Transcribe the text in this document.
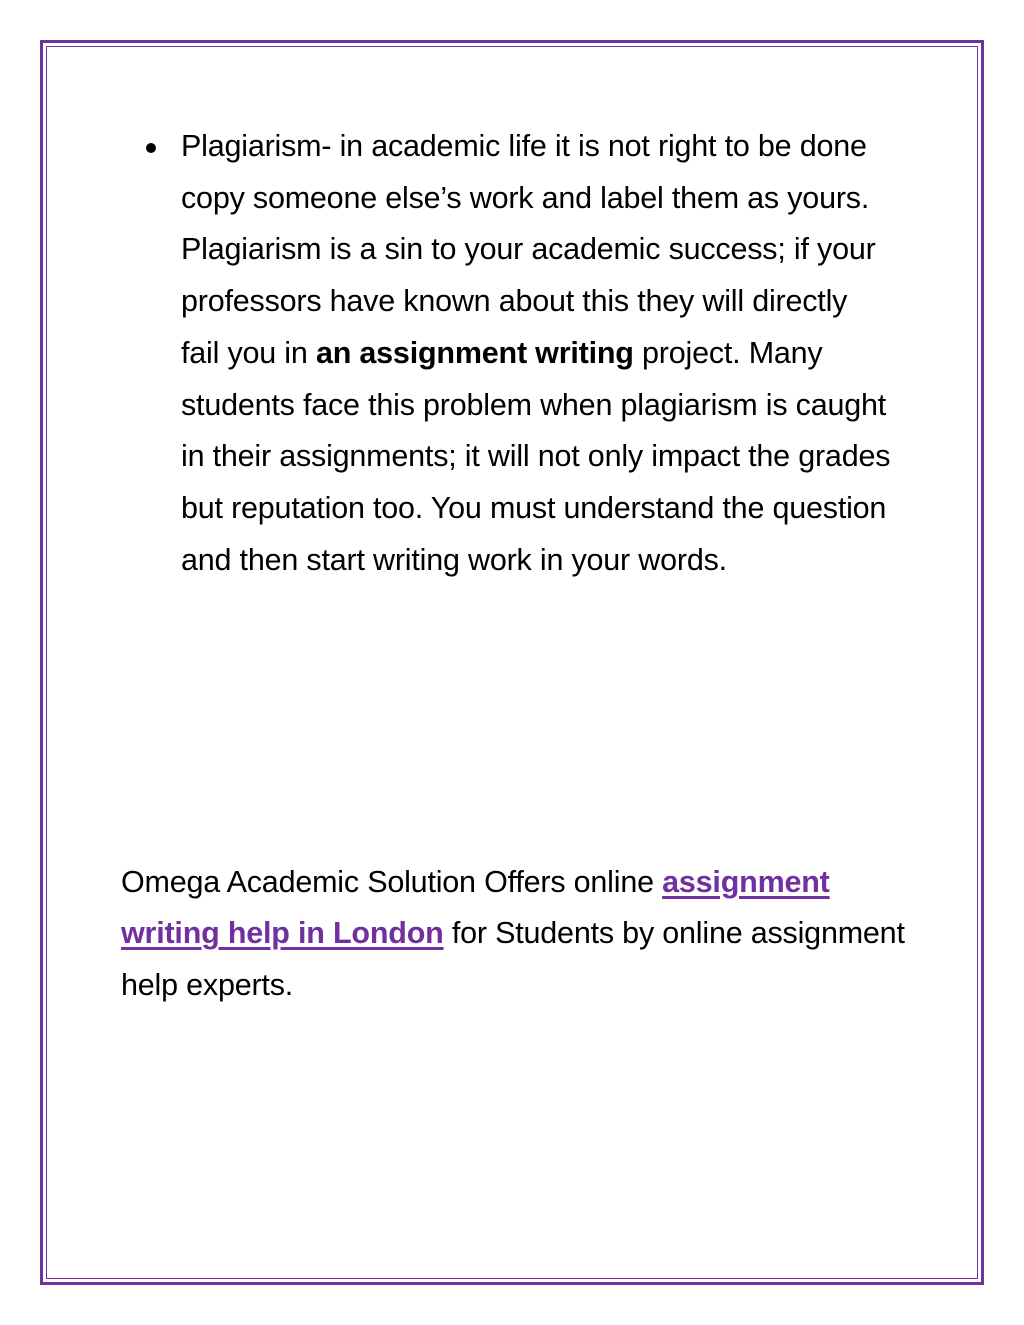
Plagiarism- in academic life it is not right to be done copy someone else’s work and label them as yours. Plagiarism is a sin to your academic success; if your professors have known about this they will directly fail you in an assignment writing project. Many students face this problem when plagiarism is caught in their assignments; it will not only impact the grades but reputation too. You must understand the question and then start writing work in your words.

Omega Academic Solution Offers online assignment writing help in London for Students by online assignment help experts.
